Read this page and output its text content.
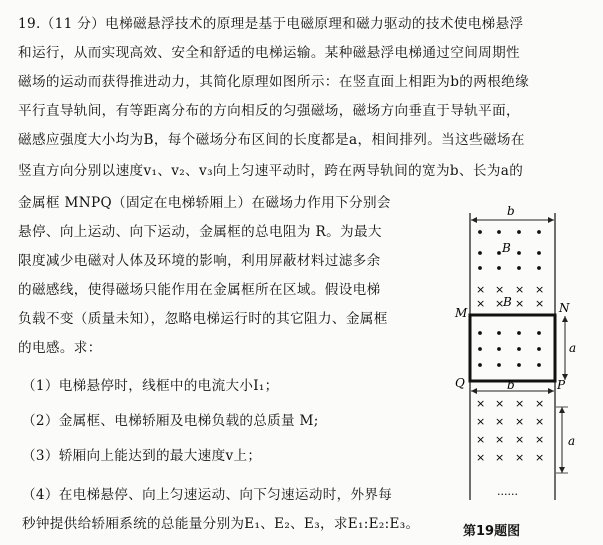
19.（11 分）电梯磁悬浮技术的原理是基于电磁原理和磁力驱动的技术使电梯悬浮
和运行，从而实现高效、安全和舒适的电梯运输。某种磁悬浮电梯通过空间周期性
磁场的运动而获得推进动力，其简化原理如图所示：在竖直面上相距为b的两根绝缘
平行直导轨间，有等距离分布的方向相反的匀强磁场，磁场方向垂直于导轨平面，
磁感应强度大小均为B，每个磁场分布区间的长度都是a，相间排列。当这些磁场在
竖直方向分别以速度v₁、v₂、v₃向上匀速平动时，跨在两导轨间的宽为b、长为a的
金属框 MNPQ（固定在电梯轿厢上）在磁场力作用下分别会
悬停、向上运动、向下运动，金属框的总电阻为 R。为最大
限度减少电磁对人体及环境的影响，利用屏蔽材料过滤多余
的磁感线，使得磁场只能作用在金属框所在区域。假设电梯
负载不变（质量未知），忽略电梯运行时的其它阻力、金属框
的电感。求：
（1）电梯悬停时，线框中的电流大小I₁；
（2）金属框、电梯轿厢及电梯负载的总质量 M;
（3）轿厢向上能达到的最大速度v上；
（4）在电梯悬停、向上匀速运动、向下匀速运动时，外界每
秒钟提供给轿厢系统的总能量分别为E₁、E₂、E₃，求E₁:E₂:E₃。
b
B
× × × ×
× × × ×
B
M	N
Q	P
a
b
× × × ×
× × × ×
× × × ×
× × × ×
a
......
第19题图
